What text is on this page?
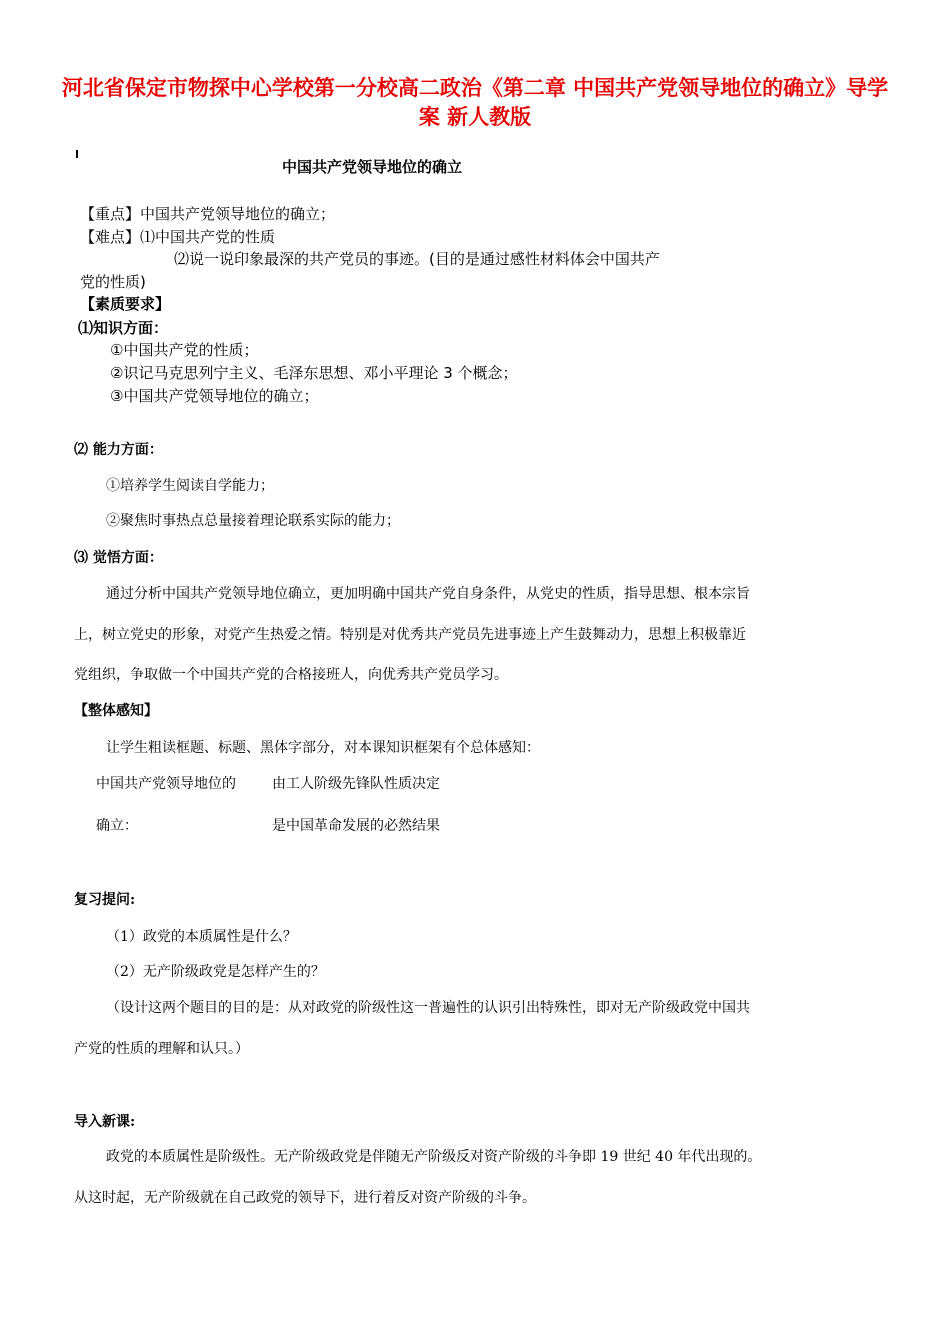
河北省保定市物探中心学校第一分校高二政治《第二章 中国共产党领导地位的确立》导学案 新人教版
中国共产党领导地位的确立
【重点】中国共产党领导地位的确立；
【难点】⑴中国共产党的性质
⑵说一说印象最深的共产党员的事迹。(目的是通过感性材料体会中国共产
党的性质)
【素质要求】
⑴知识方面：
①中国共产党的性质；
②识记马克思列宁主义、毛泽东思想、邓小平理论 3 个概念；
③中国共产党领导地位的确立；
⑵ 能力方面：
①培养学生阅读自学能力；
②聚焦时事热点总量接着理论联系实际的能力；
⑶ 觉悟方面：
通过分析中国共产党领导地位确立，更加明确中国共产党自身条件，从党史的性质，指导思想、根本宗旨
上，树立党史的形象，对党产生热爱之情。特别是对优秀共产党员先进事迹上产生鼓舞动力，思想上积极靠近
党组织，争取做一个中国共产党的合格接班人，向优秀共产党员学习。
【整体感知】
让学生粗读框题、标题、黑体字部分，对本课知识框架有个总体感知：
中国共产党领导地位的
确立：
由工人阶级先锋队性质决定
是中国革命发展的必然结果
复习提问:
（1）政党的本质属性是什么？
（2）无产阶级政党是怎样产生的？
（设计这两个题目的目的是：从对政党的阶级性这一普遍性的认识引出特殊性，即对无产阶级政党中国共
产党的性质的理解和认只。）
导入新课:
政党的本质属性是阶级性。无产阶级政党是伴随无产阶级反对资产阶级的斗争即 19 世纪 40 年代出现的。
从这时起，无产阶级就在自己政党的领导下，进行着反对资产阶级的斗争。
